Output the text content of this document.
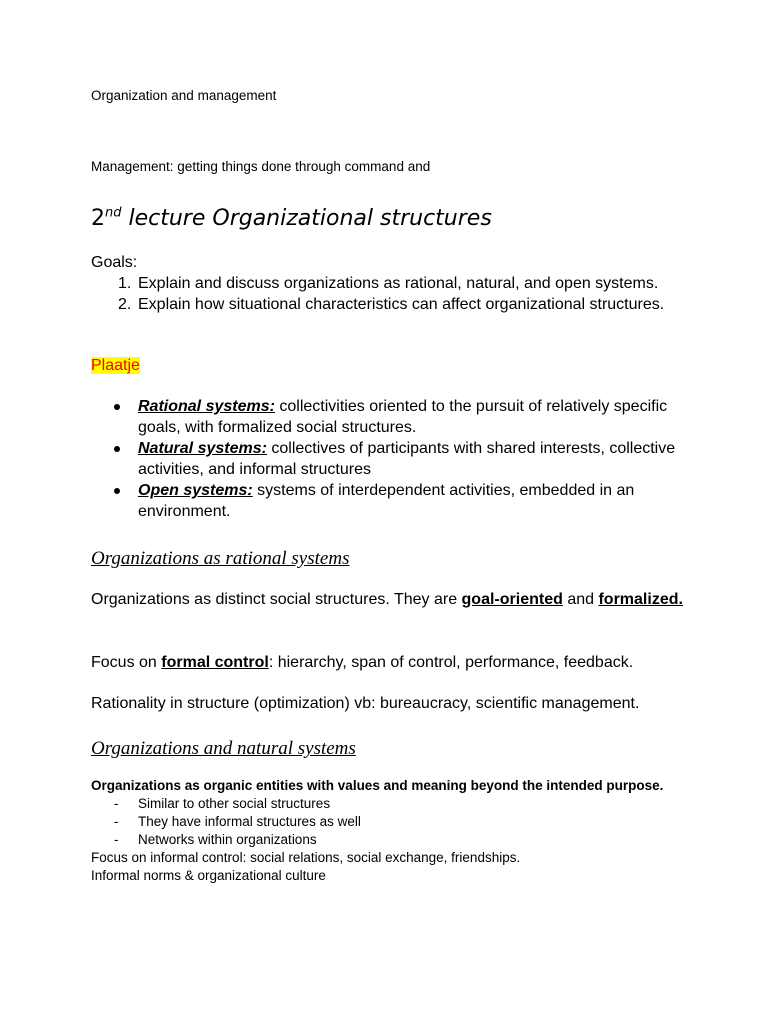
Organization and management
Management: getting things done through command and
2nd lecture Organizational structures
Goals:
1. Explain and discuss organizations as rational, natural, and open systems.
2. Explain how situational characteristics can affect organizational structures.
Plaatje
Rational systems: collectivities oriented to the pursuit of relatively specific goals, with formalized social structures.
Natural systems: collectives of participants with shared interests, collective activities, and informal structures
Open systems: systems of interdependent activities, embedded in an environment.
Organizations as rational systems
Organizations as distinct social structures. They are goal-oriented and formalized.
Focus on formal control: hierarchy, span of control, performance, feedback.
Rationality in structure (optimization) vb: bureaucracy, scientific management.
Organizations and natural systems
Organizations as organic entities with values and meaning beyond the intended purpose.
- Similar to other social structures
- They have informal structures as well
- Networks within organizations
Focus on informal control: social relations, social exchange, friendships.
Informal norms & organizational culture
